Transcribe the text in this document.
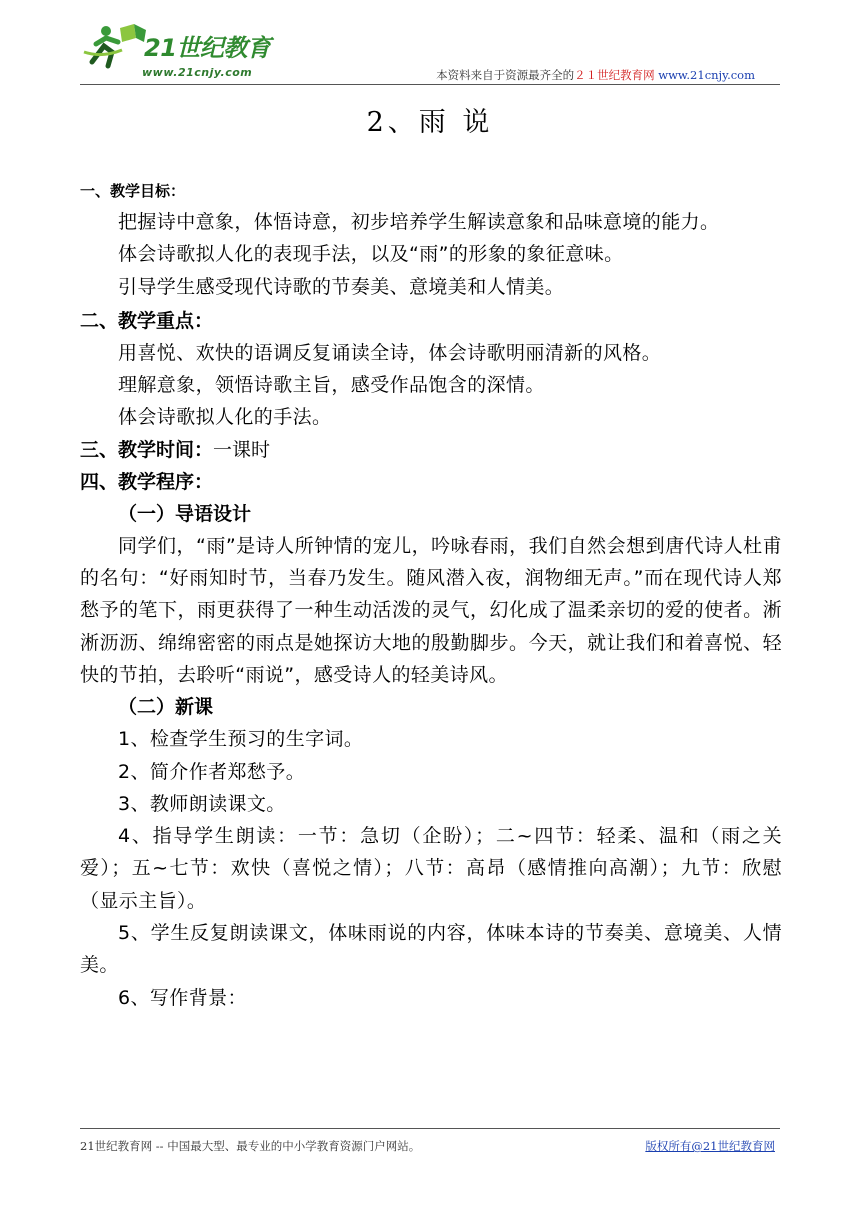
21世纪教育
www.21cnjy.com	本资料来自于资源最齐全的２１世纪教育网 www.21cnjy.com
2、雨 说

一、教学目标：

把握诗中意象，体悟诗意，初步培养学生解读意象和品味意境的能力。

体会诗歌拟人化的表现手法，以及“雨”的形象的象征意味。

引导学生感受现代诗歌的节奏美、意境美和人情美。

二、教学重点：

用喜悦、欢快的语调反复诵读全诗，体会诗歌明丽清新的风格。

理解意象，领悟诗歌主旨，感受作品饱含的深情。

体会诗歌拟人化的手法。

三、教学时间：一课时

四、教学程序：

（一）导语设计

同学们，“雨”是诗人所钟情的宠儿，吟咏春雨，我们自然会想到唐代诗人杜甫的名句：“好雨知时节，当春乃发生。随风潜入夜，润物细无声。”而在现代诗人郑愁予的笔下，雨更获得了一种生动活泼的灵气，幻化成了温柔亲切的爱的使者。淅淅沥沥、绵绵密密的雨点是她探访大地的殷勤脚步。今天，就让我们和着喜悦、轻快的节拍，去聆听“雨说”，感受诗人的轻美诗风。

（二）新课

1、检查学生预习的生字词。

2、简介作者郑愁予。

3、教师朗读课文。

4、指导学生朗读：一节：急切（企盼）；二~四节：轻柔、温和（雨之关爱）；五~七节：欢快（喜悦之情）；八节：高昂（感情推向高潮）；九节：欣慰（显示主旨）。

5、学生反复朗读课文，体味雨说的内容，体味本诗的节奏美、意境美、人情美。

6、写作背景：

21世纪教育网 -- 中国最大型、最专业的中小学教育资源门户网站。	版权所有@21世纪教育网
